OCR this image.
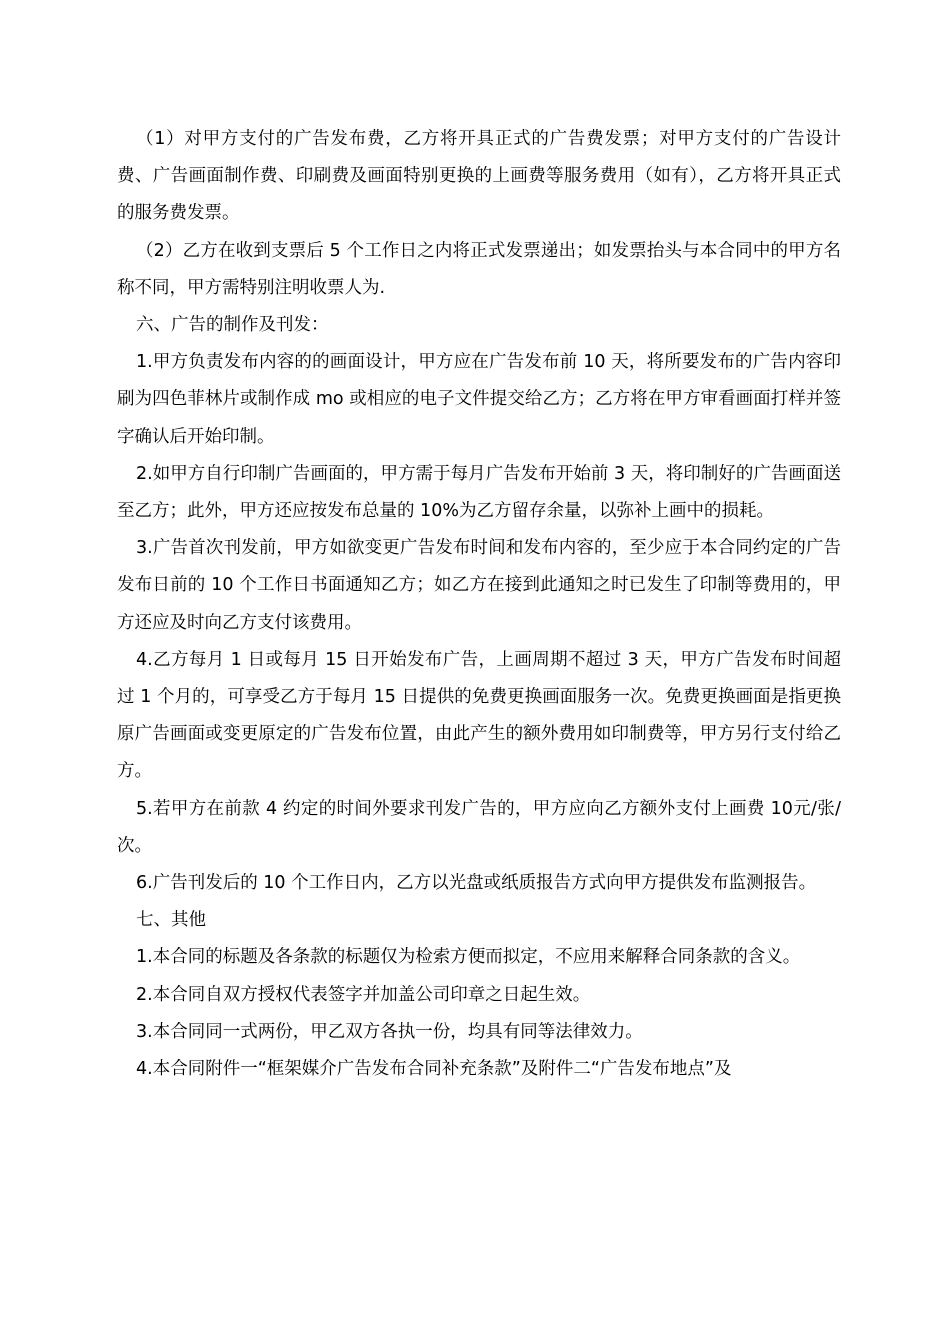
（1）对甲方支付的广告发布费，乙方将开具正式的广告费发票；对甲方支付的广告设计费、广告画面制作费、印刷费及画面特别更换的上画费等服务费用（如有），乙方将开具正式的服务费发票。

（2）乙方在收到支票后 5 个工作日之内将正式发票递出；如发票抬头与本合同中的甲方名称不同，甲方需特别注明收票人为.

六、广告的制作及刊发：

1.甲方负责发布内容的的画面设计，甲方应在广告发布前 10 天，将所要发布的广告内容印刷为四色菲林片或制作成 mo 或相应的电子文件提交给乙方；乙方将在甲方审看画面打样并签字确认后开始印制。

2.如甲方自行印制广告画面的，甲方需于每月广告发布开始前 3 天，将印制好的广告画面送至乙方；此外，甲方还应按发布总量的 10%为乙方留存余量，以弥补上画中的损耗。

3.广告首次刊发前，甲方如欲变更广告发布时间和发布内容的，至少应于本合同约定的广告发布日前的 10 个工作日书面通知乙方；如乙方在接到此通知之时已发生了印制等费用的，甲方还应及时向乙方支付该费用。

4.乙方每月 1 日或每月 15 日开始发布广告，上画周期不超过 3 天，甲方广告发布时间超过 1 个月的，可享受乙方于每月 15 日提供的免费更换画面服务一次。免费更换画面是指更换原广告画面或变更原定的广告发布位置，由此产生的额外费用如印制费等，甲方另行支付给乙方。

5.若甲方在前款 4 约定的时间外要求刊发广告的，甲方应向乙方额外支付上画费 10元/张/次。

6.广告刊发后的 10 个工作日内，乙方以光盘或纸质报告方式向甲方提供发布监测报告。

七、其他

1.本合同的标题及各条款的标题仅为检索方便而拟定，不应用来解释合同条款的含义。

2.本合同自双方授权代表签字并加盖公司印章之日起生效。

3.本合同同一式两份，甲乙双方各执一份，均具有同等法律效力。

4.本合同附件一“框架媒介广告发布合同补充条款”及附件二“广告发布地点”及
